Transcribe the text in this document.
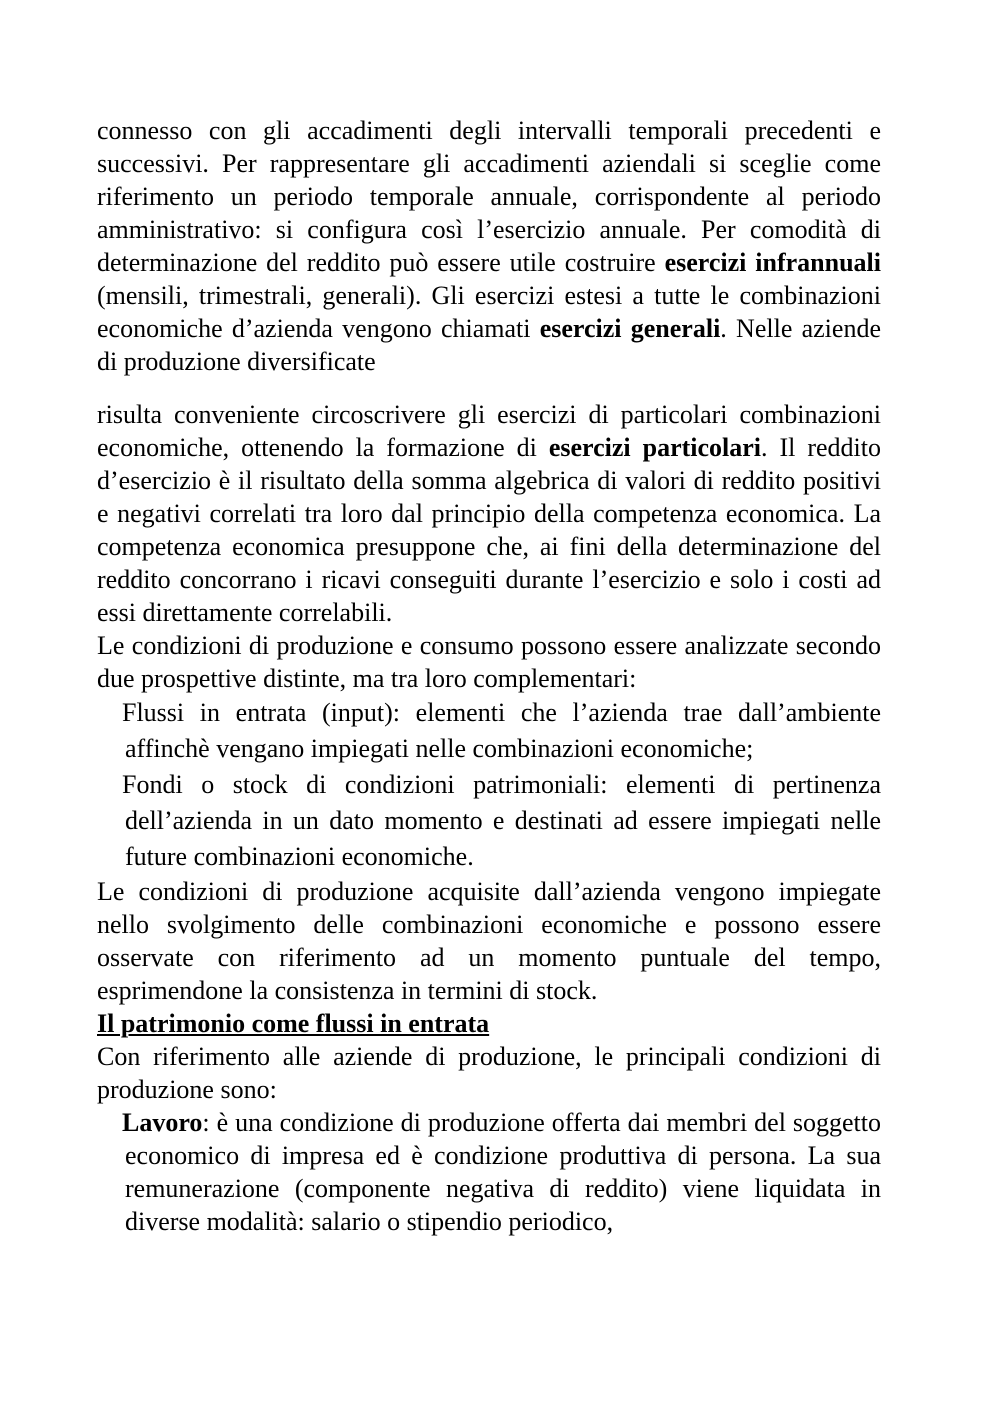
connesso con gli accadimenti degli intervalli temporali precedenti e successivi. Per rappresentare gli accadimenti aziendali si sceglie come riferimento un periodo temporale annuale, corrispondente al periodo amministrativo: si configura così l’esercizio annuale. Per comodità di determinazione del reddito può essere utile costruire esercizi infrannuali (mensili, trimestrali, generali). Gli esercizi estesi a tutte le combinazioni economiche d’azienda vengono chiamati esercizi generali. Nelle aziende di produzione diversificate

risulta conveniente circoscrivere gli esercizi di particolari combinazioni economiche, ottenendo la formazione di esercizi particolari. Il reddito d’esercizio è il risultato della somma algebrica di valori di reddito positivi e negativi correlati tra loro dal principio della competenza economica. La competenza economica presuppone che, ai fini della determinazione del reddito concorrano i ricavi conseguiti durante l’esercizio e solo i costi ad essi direttamente correlabili.

Le condizioni di produzione e consumo possono essere analizzate secondo due prospettive distinte, ma tra loro complementari:

Flussi in entrata (input): elementi che l’azienda trae dall’ambiente affinchè vengano impiegati nelle combinazioni economiche;

Fondi o stock di condizioni patrimoniali: elementi di pertinenza dell’azienda in un dato momento e destinati ad essere impiegati nelle future combinazioni economiche.

Le condizioni di produzione acquisite dall’azienda vengono impiegate nello svolgimento delle combinazioni economiche e possono essere osservate con riferimento ad un momento puntuale del tempo, esprimendone la consistenza in termini di stock.

Il patrimonio come flussi in entrata

Con riferimento alle aziende di produzione, le principali condizioni di produzione sono:

Lavoro: è una condizione di produzione offerta dai membri del soggetto economico di impresa ed è condizione produttiva di persona. La sua remunerazione (componente negativa di reddito) viene liquidata in diverse modalità: salario o stipendio periodico,
